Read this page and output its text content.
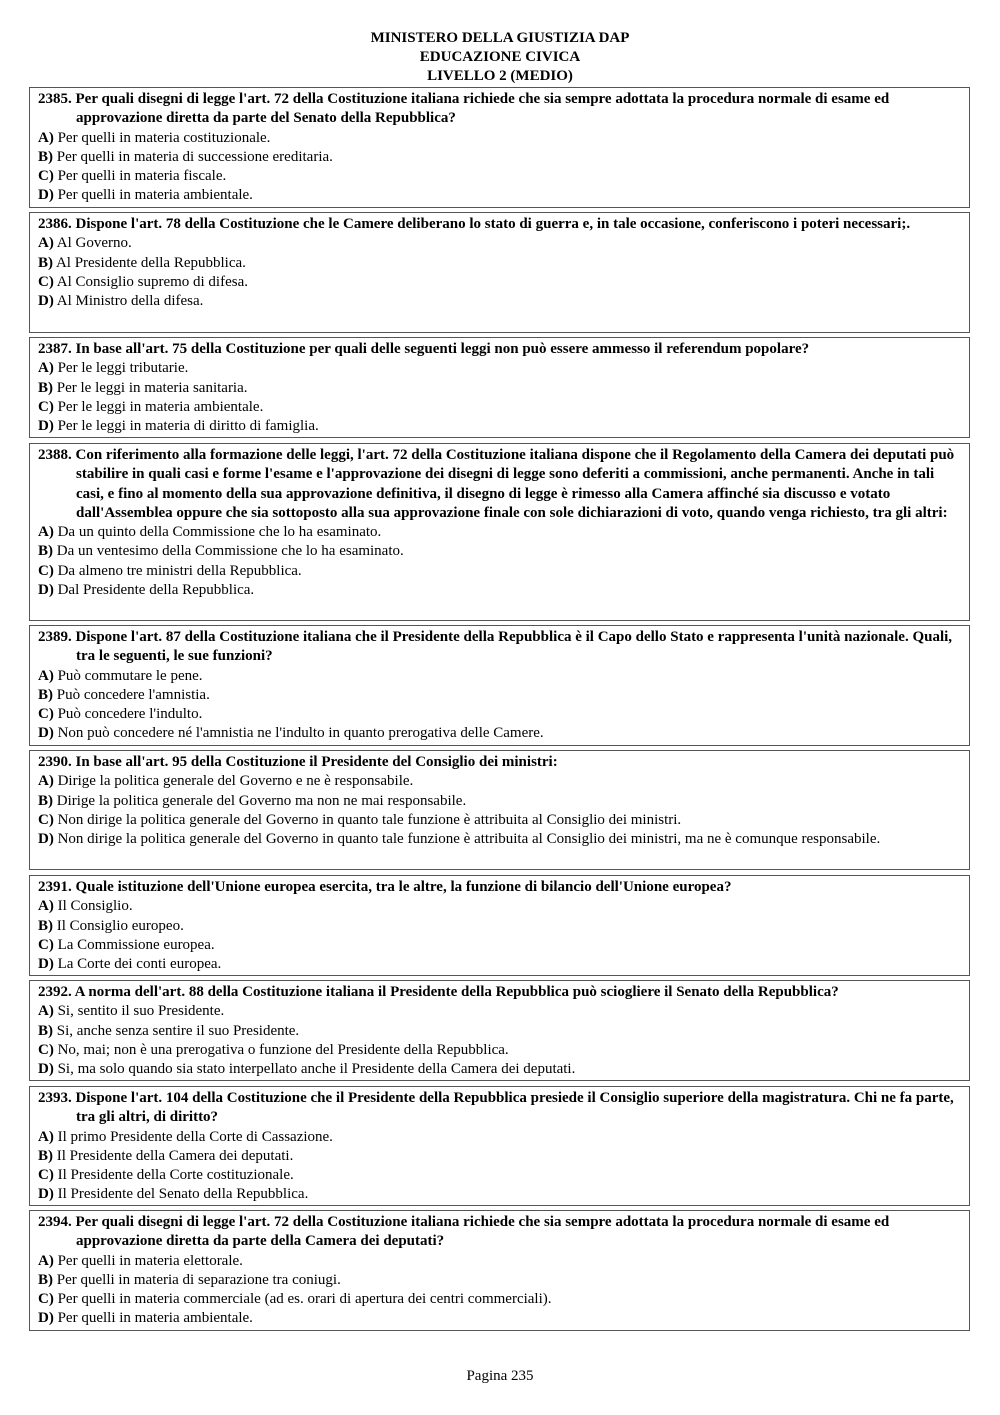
MINISTERO DELLA GIUSTIZIA DAP
EDUCAZIONE CIVICA
LIVELLO 2 (MEDIO)
2385. Per quali disegni di legge l'art. 72 della Costituzione italiana richiede che sia sempre adottata la procedura normale di esame ed approvazione diretta da parte del Senato della Repubblica?
A) Per quelli in materia costituzionale.
B) Per quelli in materia di successione ereditaria.
C) Per quelli in materia fiscale.
D) Per quelli in materia ambientale.
2386. Dispone l'art. 78 della Costituzione che le Camere deliberano lo stato di guerra e, in tale occasione, conferiscono i poteri necessari;.
A) Al Governo.
B) Al Presidente della Repubblica.
C) Al Consiglio supremo di difesa.
D) Al Ministro della difesa.
2387. In base all'art. 75 della Costituzione per quali delle seguenti leggi non può essere ammesso il referendum popolare?
A) Per le leggi tributarie.
B) Per le leggi in materia sanitaria.
C) Per le leggi in materia ambientale.
D) Per le leggi in materia di diritto di famiglia.
2388. Con riferimento alla formazione delle leggi, l'art. 72 della Costituzione italiana dispone che il Regolamento della Camera dei deputati può stabilire in quali casi e forme l'esame e l'approvazione dei disegni di legge sono deferiti a commissioni, anche permanenti. Anche in tali casi, e fino al momento della sua approvazione definitiva, il disegno di legge è rimesso alla Camera affinché sia discusso e votato dall'Assemblea oppure che sia sottoposto alla sua approvazione finale con sole dichiarazioni di voto, quando venga richiesto, tra gli altri:
A) Da un quinto della Commissione che lo ha esaminato.
B) Da un ventesimo della Commissione che lo ha esaminato.
C) Da almeno tre ministri della Repubblica.
D) Dal Presidente della Repubblica.
2389. Dispone l'art. 87 della Costituzione italiana che il Presidente della Repubblica è il Capo dello Stato e rappresenta l'unità nazionale. Quali, tra le seguenti, le sue funzioni?
A) Può commutare le pene.
B) Può concedere l'amnistia.
C) Può concedere l'indulto.
D) Non può concedere né l'amnistia ne l'indulto in quanto prerogativa delle Camere.
2390. In base all'art. 95 della Costituzione il Presidente del Consiglio dei ministri:
A) Dirige la politica generale del Governo e ne è responsabile.
B) Dirige la politica generale del Governo ma non ne mai responsabile.
C) Non dirige la politica generale del Governo in quanto tale funzione è attribuita al Consiglio dei ministri.
D) Non dirige la politica generale del Governo in quanto tale funzione è attribuita al Consiglio dei ministri, ma ne è comunque responsabile.
2391. Quale istituzione dell'Unione europea esercita, tra le altre, la funzione di bilancio dell'Unione europea?
A) Il Consiglio.
B) Il Consiglio europeo.
C) La Commissione europea.
D) La Corte dei conti europea.
2392. A norma dell'art. 88 della Costituzione italiana il Presidente della Repubblica può sciogliere il Senato della Repubblica?
A) Si, sentito il suo Presidente.
B) Si, anche senza sentire il suo Presidente.
C) No, mai; non è una prerogativa o funzione del Presidente della Repubblica.
D) Si, ma solo quando sia stato interpellato anche il Presidente della Camera dei deputati.
2393. Dispone l'art. 104 della Costituzione che il Presidente della Repubblica presiede il Consiglio superiore della magistratura. Chi ne fa parte, tra gli altri, di diritto?
A) Il primo Presidente della Corte di Cassazione.
B) Il Presidente della Camera dei deputati.
C) Il Presidente della Corte costituzionale.
D) Il Presidente del Senato della Repubblica.
2394. Per quali disegni di legge l'art. 72 della Costituzione italiana richiede che sia sempre adottata la procedura normale di esame ed approvazione diretta da parte della Camera dei deputati?
A) Per quelli in materia elettorale.
B) Per quelli in materia di separazione tra coniugi.
C) Per quelli in materia commerciale (ad es. orari di apertura dei centri commerciali).
D) Per quelli in materia ambientale.
Pagina 235
